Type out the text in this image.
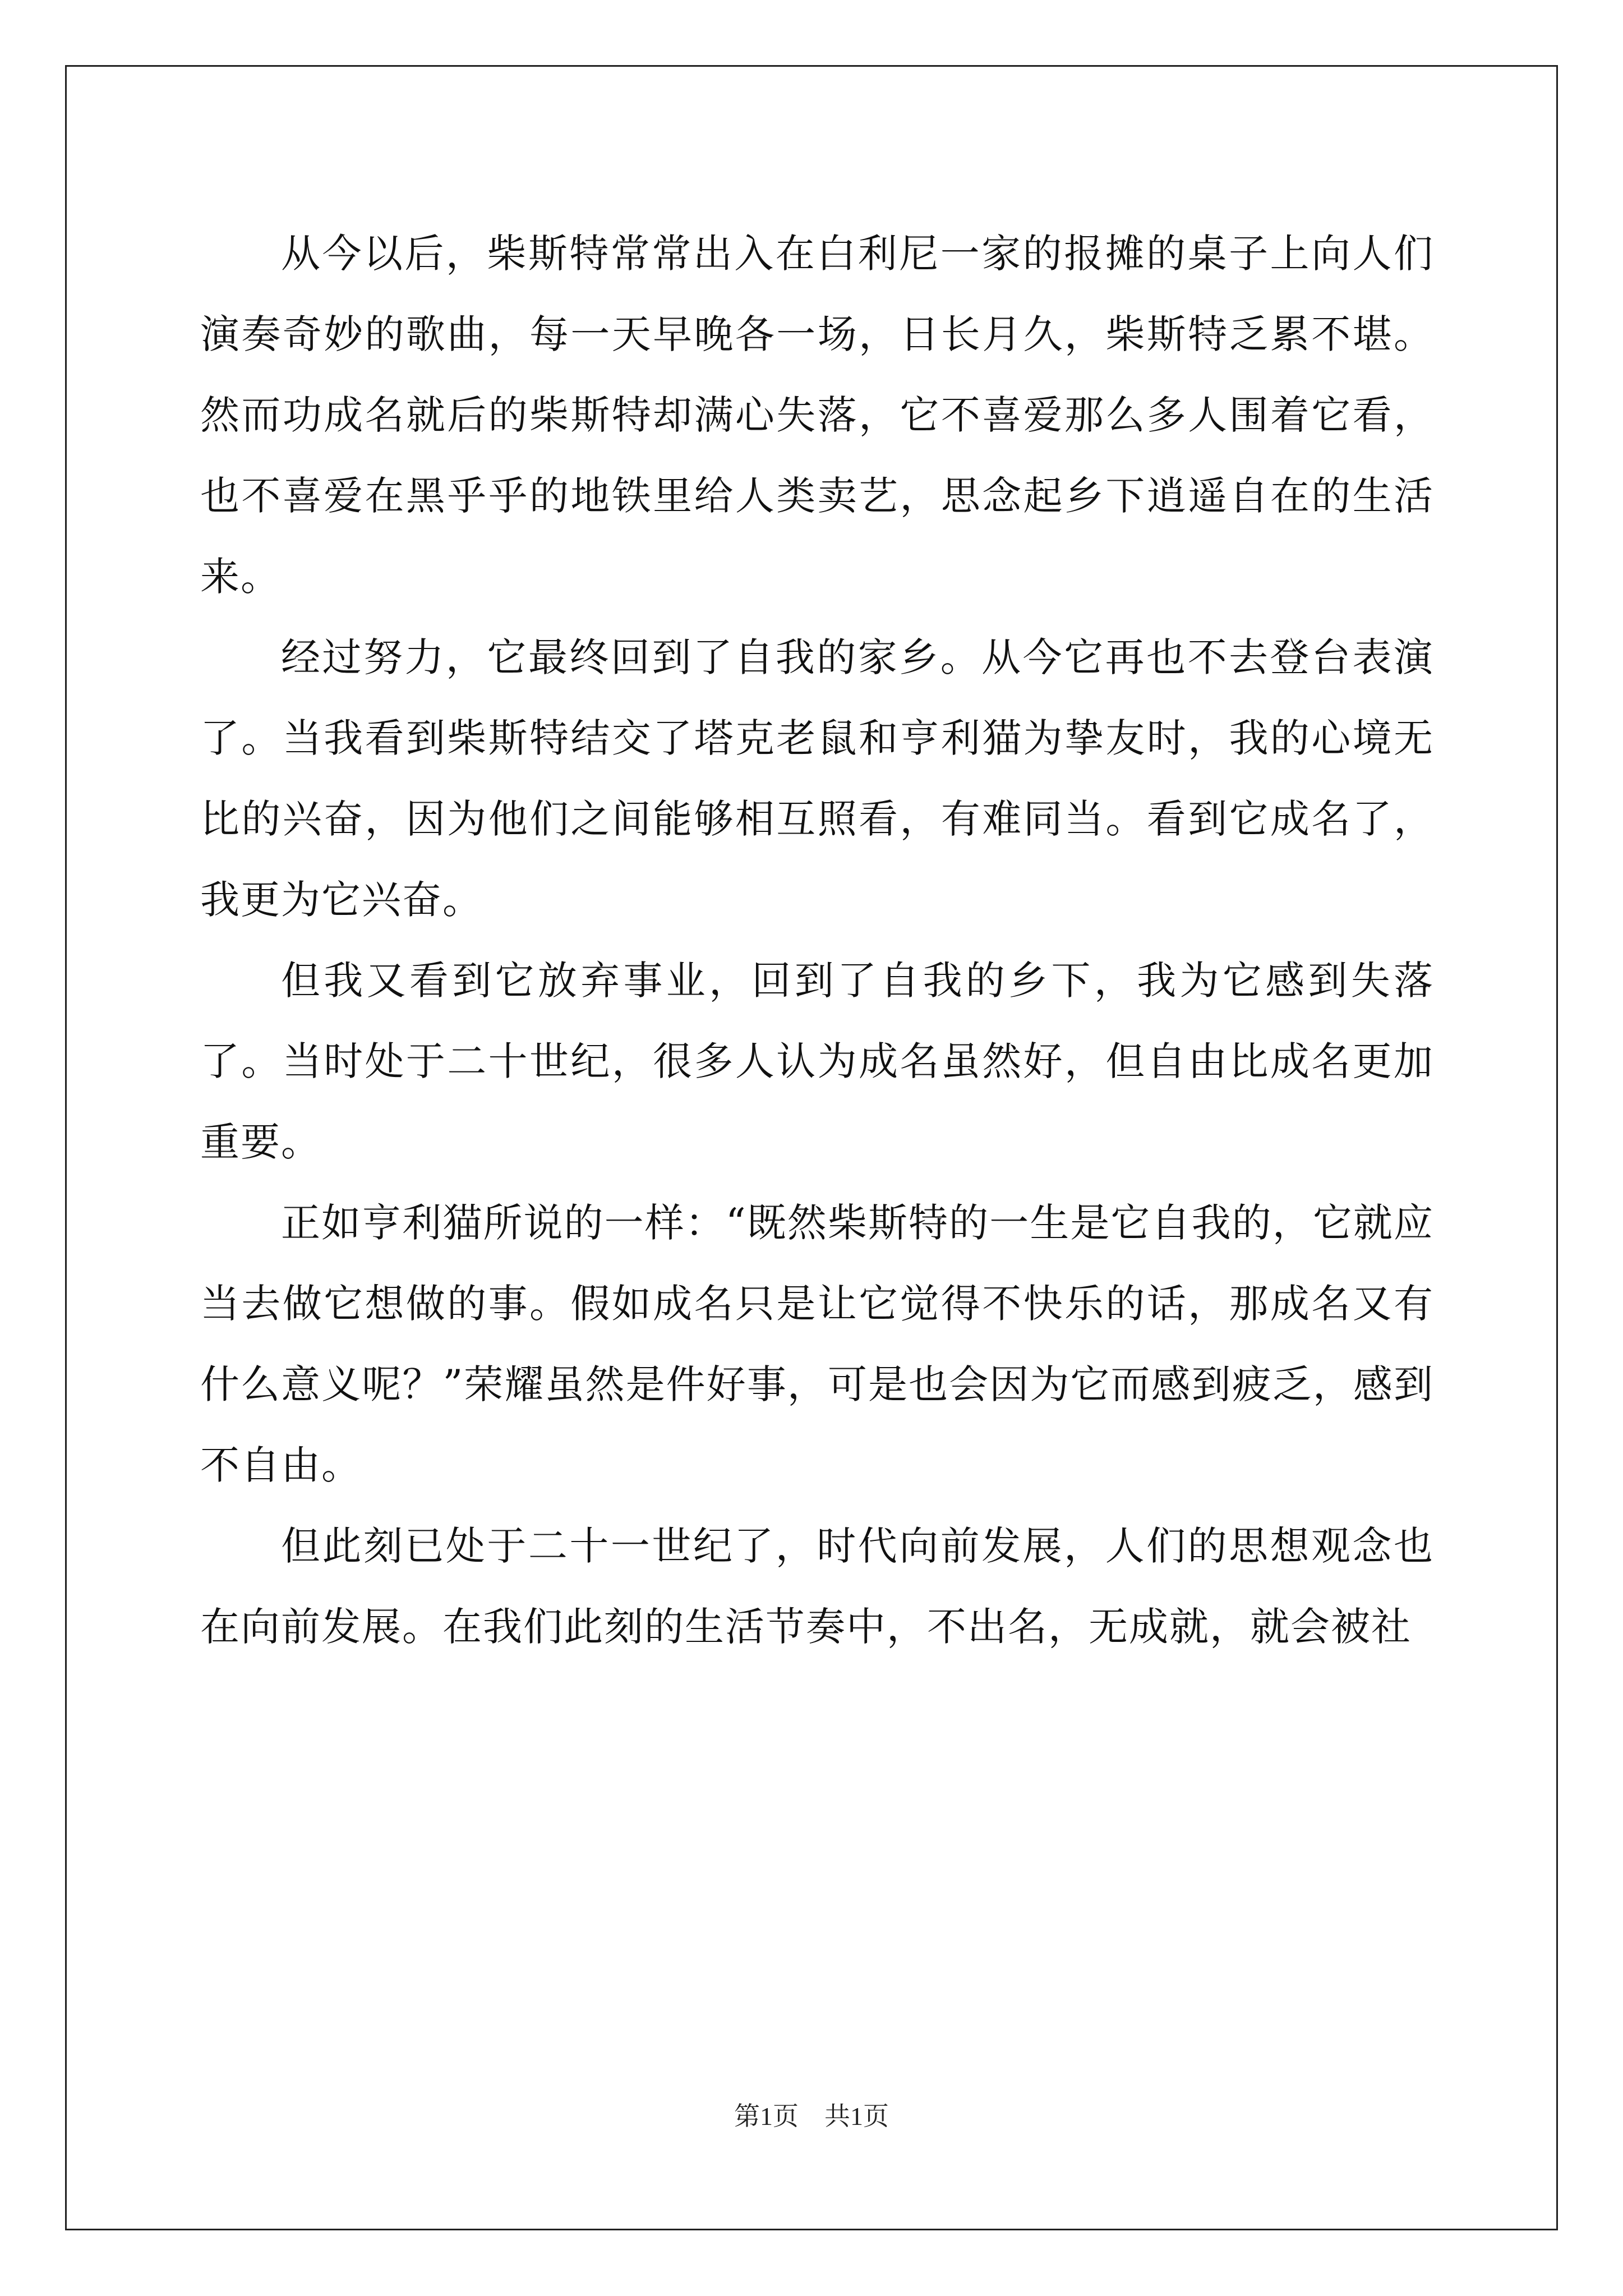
从今以后，柴斯特常常出入在白利尼一家的报摊的桌子上向人们演奏奇妙的歌曲，每一天早晚各一场，日长月久，柴斯特乏累不堪。然而功成名就后的柴斯特却满心失落，它不喜爱那么多人围着它看，也不喜爱在黑乎乎的地铁里给人类卖艺，思念起乡下逍遥自在的生活来。

经过努力，它最终回到了自我的家乡。从今它再也不去登台表演了。当我看到柴斯特结交了塔克老鼠和亨利猫为挚友时，我的心境无比的兴奋，因为他们之间能够相互照看，有难同当。看到它成名了，我更为它兴奋。

但我又看到它放弃事业，回到了自我的乡下，我为它感到失落了。当时处于二十世纪，很多人认为成名虽然好，但自由比成名更加重要。

正如亨利猫所说的一样：“既然柴斯特的一生是它自我的，它就应当去做它想做的事。假如成名只是让它觉得不快乐的话，那成名又有什么意义呢？”荣耀虽然是件好事，可是也会因为它而感到疲乏，感到不自由。

但此刻已处于二十一世纪了，时代向前发展，人们的思想观念也在向前发展。在我们此刻的生活节奏中，不出名，无成就，就会被社

第1页　共1页
